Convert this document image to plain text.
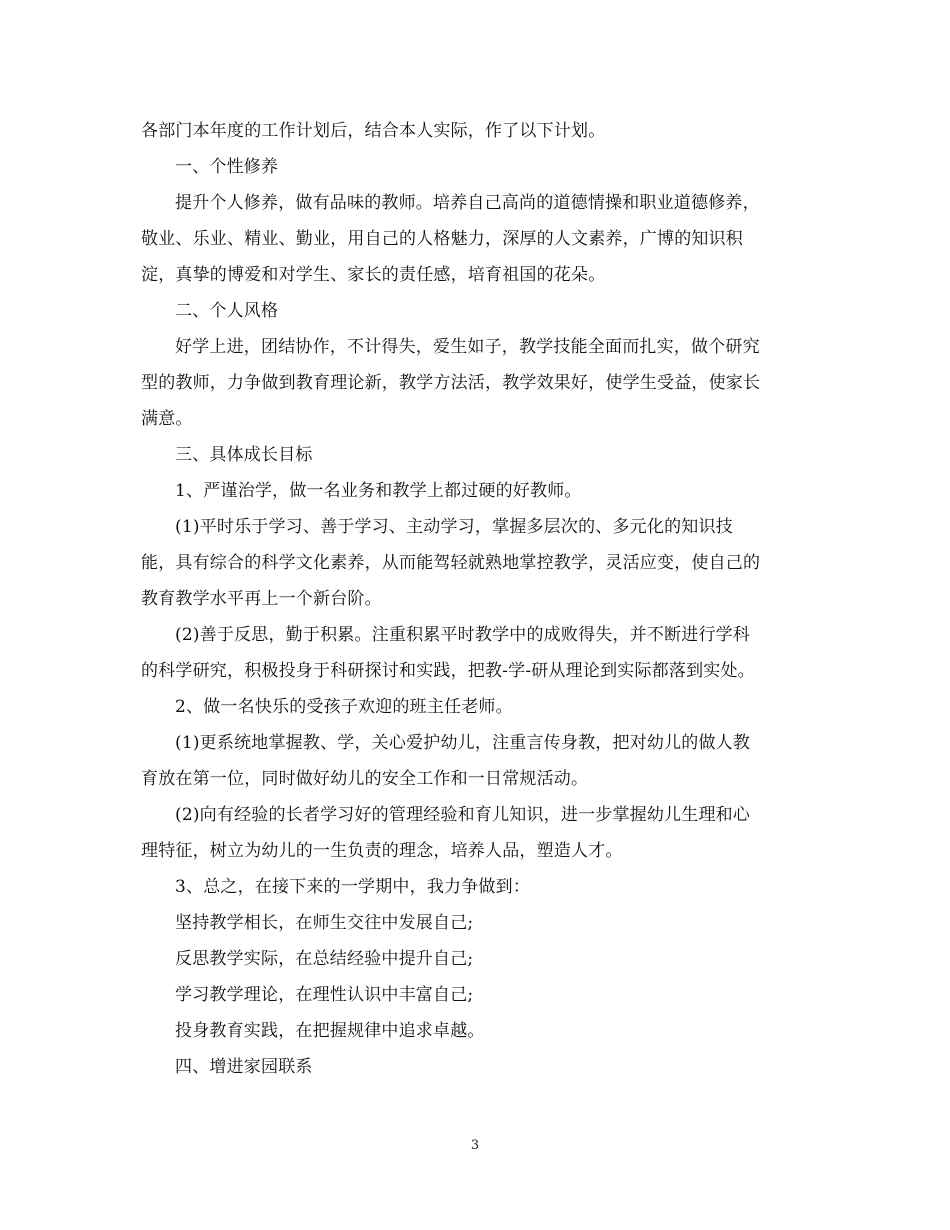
各部门本年度的工作计划后，结合本人实际，作了以下计划。
一、个性修养
提升个人修养，做有品味的教师。培养自己高尚的道德情操和职业道德修养，
敬业、乐业、精业、勤业，用自己的人格魅力，深厚的人文素养，广博的知识积
淀，真挚的博爱和对学生、家长的责任感，培育祖国的花朵。
二、个人风格
好学上进，团结协作，不计得失，爱生如子，教学技能全面而扎实，做个研究
型的教师，力争做到教育理论新，教学方法活，教学效果好，使学生受益，使家长
满意。
三、具体成长目标
1、严谨治学，做一名业务和教学上都过硬的好教师。
(1)平时乐于学习、善于学习、主动学习，掌握多层次的、多元化的知识技
能，具有综合的科学文化素养，从而能驾轻就熟地掌控教学，灵活应变，使自己的
教育教学水平再上一个新台阶。
(2)善于反思，勤于积累。注重积累平时教学中的成败得失，并不断进行学科
的科学研究，积极投身于科研探讨和实践，把教-学-研从理论到实际都落到实处。
2、做一名快乐的受孩子欢迎的班主任老师。
(1)更系统地掌握教、学，关心爱护幼儿，注重言传身教，把对幼儿的做人教
育放在第一位，同时做好幼儿的安全工作和一日常规活动。
(2)向有经验的长者学习好的管理经验和育儿知识，进一步掌握幼儿生理和心
理特征，树立为幼儿的一生负责的理念，培养人品，塑造人才。
3、总之，在接下来的一学期中，我力争做到：
坚持教学相长，在师生交往中发展自己;
反思教学实际，在总结经验中提升自己;
学习教学理论，在理性认识中丰富自己;
投身教育实践，在把握规律中追求卓越。
四、增进家园联系
3
